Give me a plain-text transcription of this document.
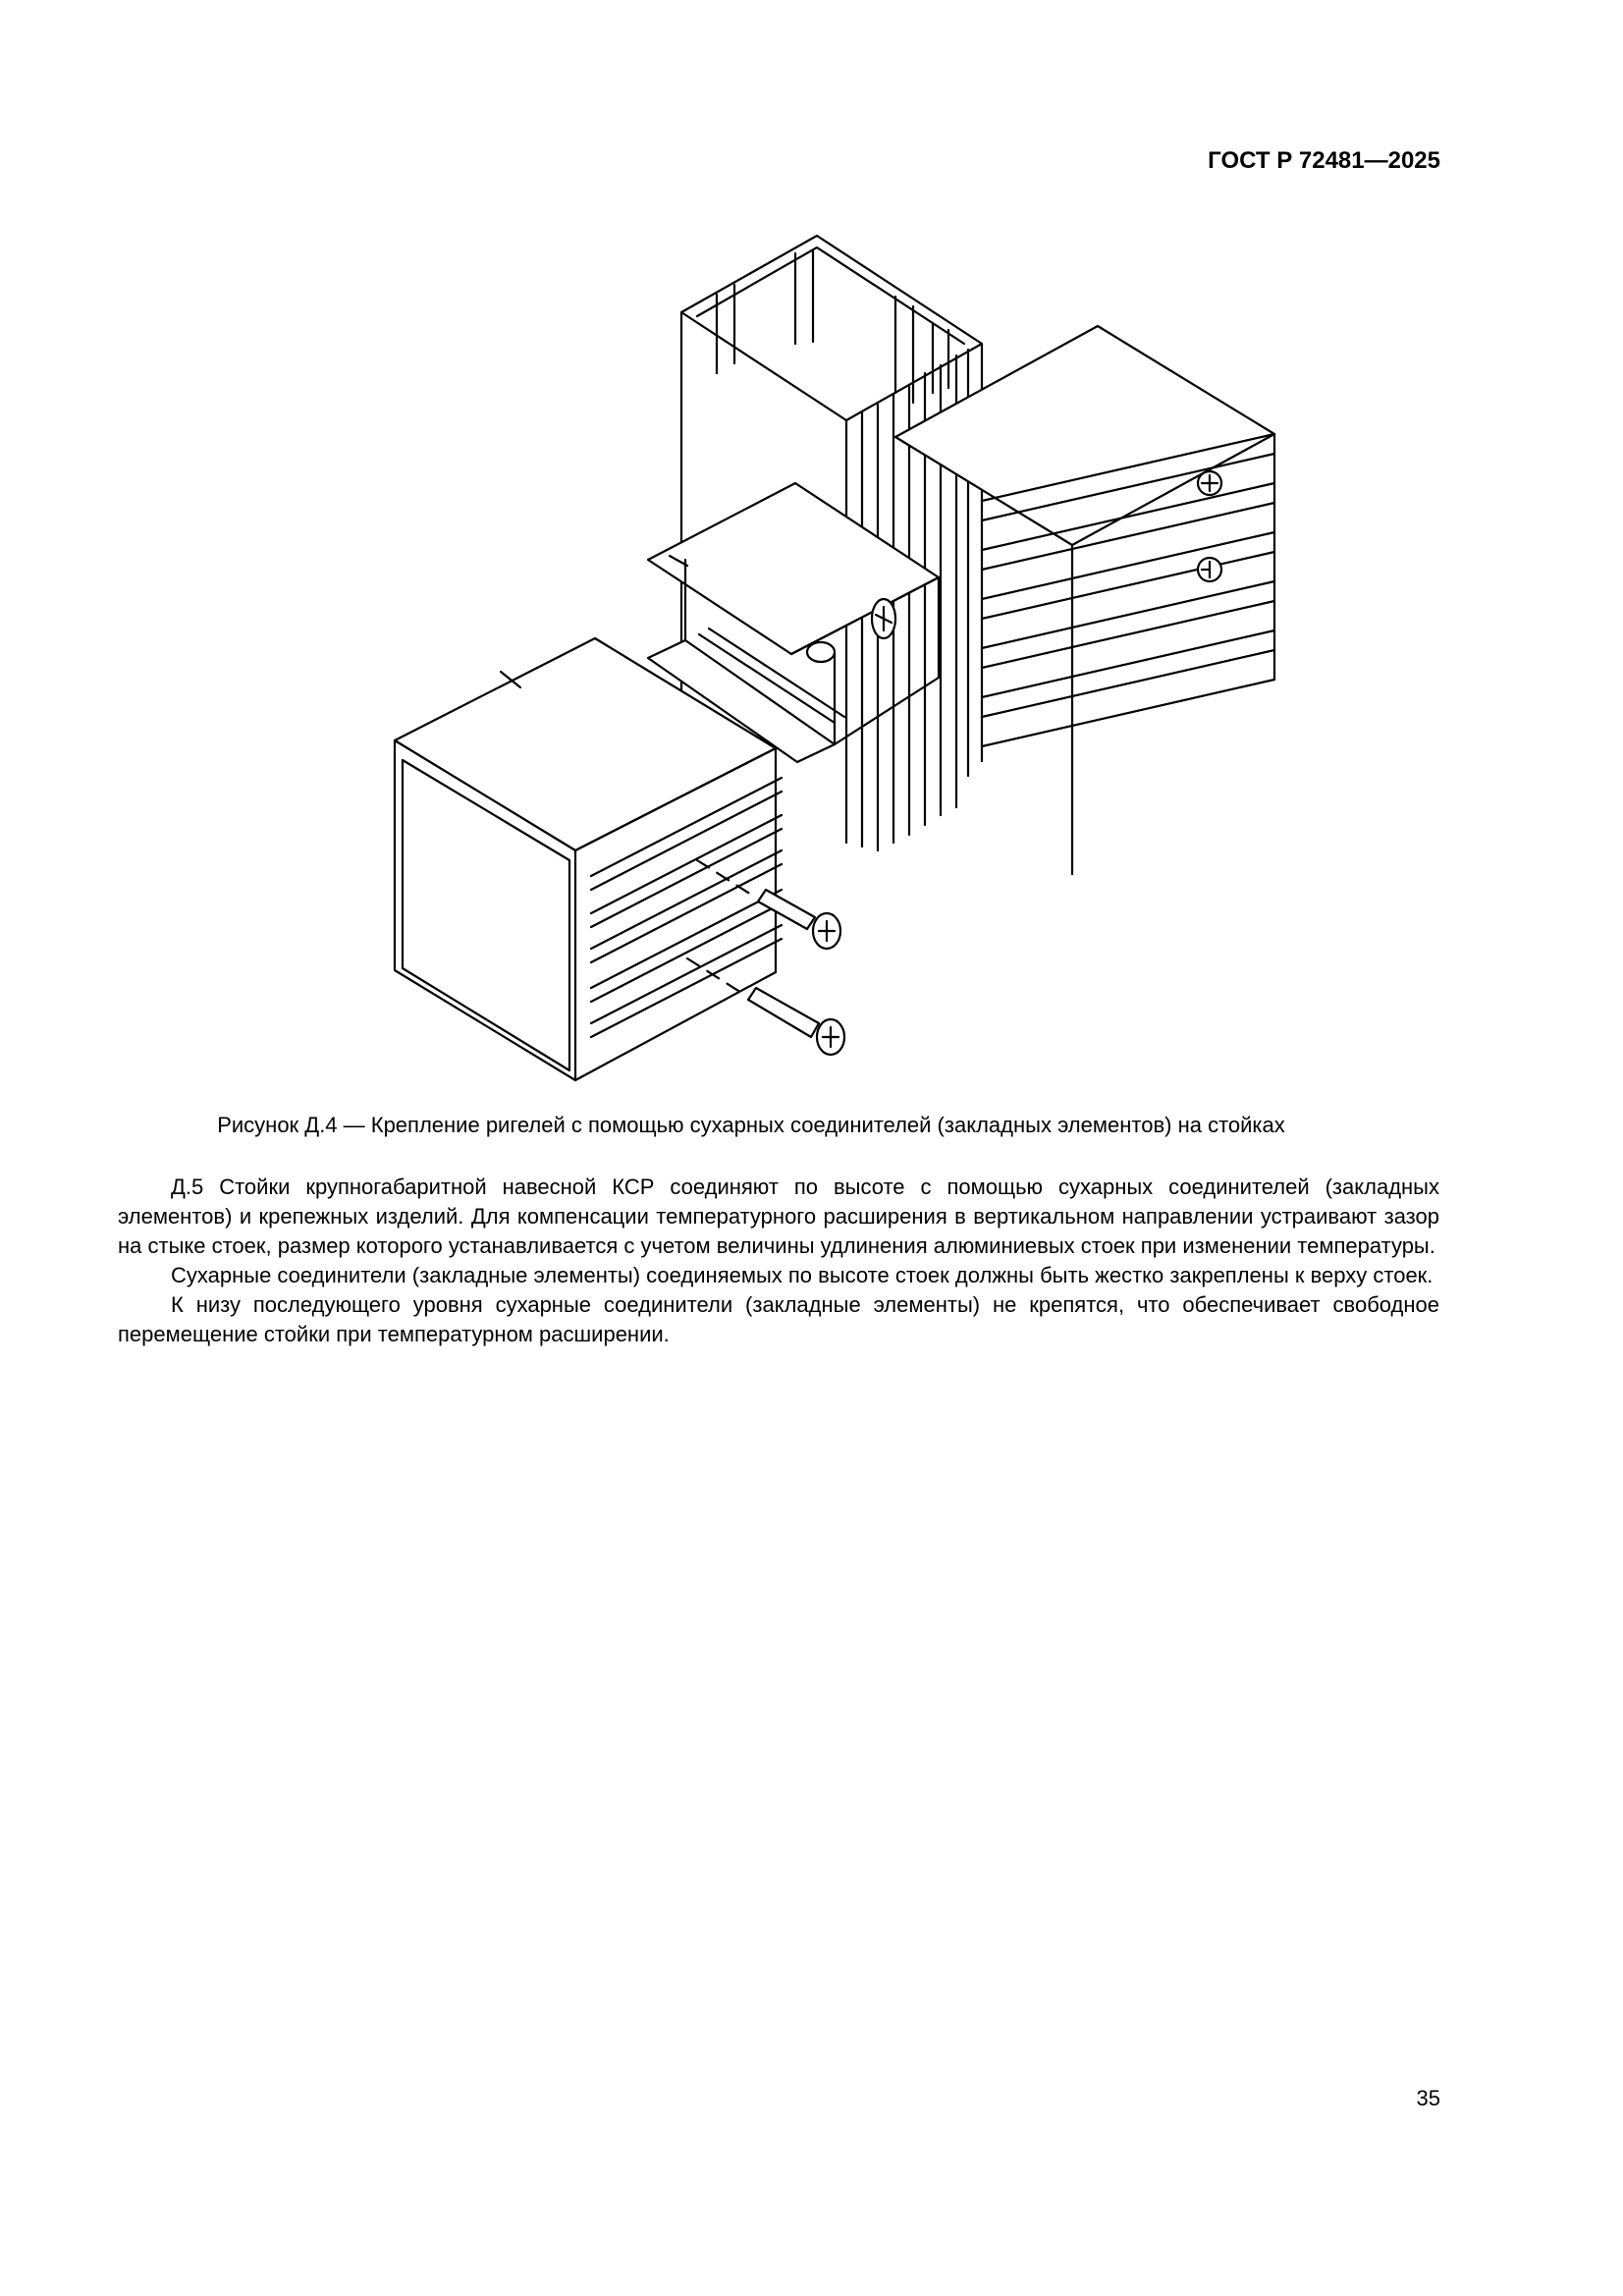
ГОСТ Р 72481—2025
Рисунок Д.4 — Крепление ригелей с помощью сухарных соединителей (закладных элементов) на стойках

Д.5 Стойки крупногабаритной навесной КСР соединяют по высоте с помощью сухарных соединителей (закладных элементов) и крепежных изделий. Для компенсации температурного расширения в вертикальном направлении устраивают зазор на стыке стоек, размер которого устанавливается с учетом величины удлинения алюминиевых стоек при изменении температуры.

Сухарные соединители (закладные элементы) соединяемых по высоте стоек должны быть жестко закреплены к верху стоек.

К низу последующего уровня сухарные соединители (закладные элементы) не крепятся, что обеспечивает свободное перемещение стойки при температурном расширении.

35
